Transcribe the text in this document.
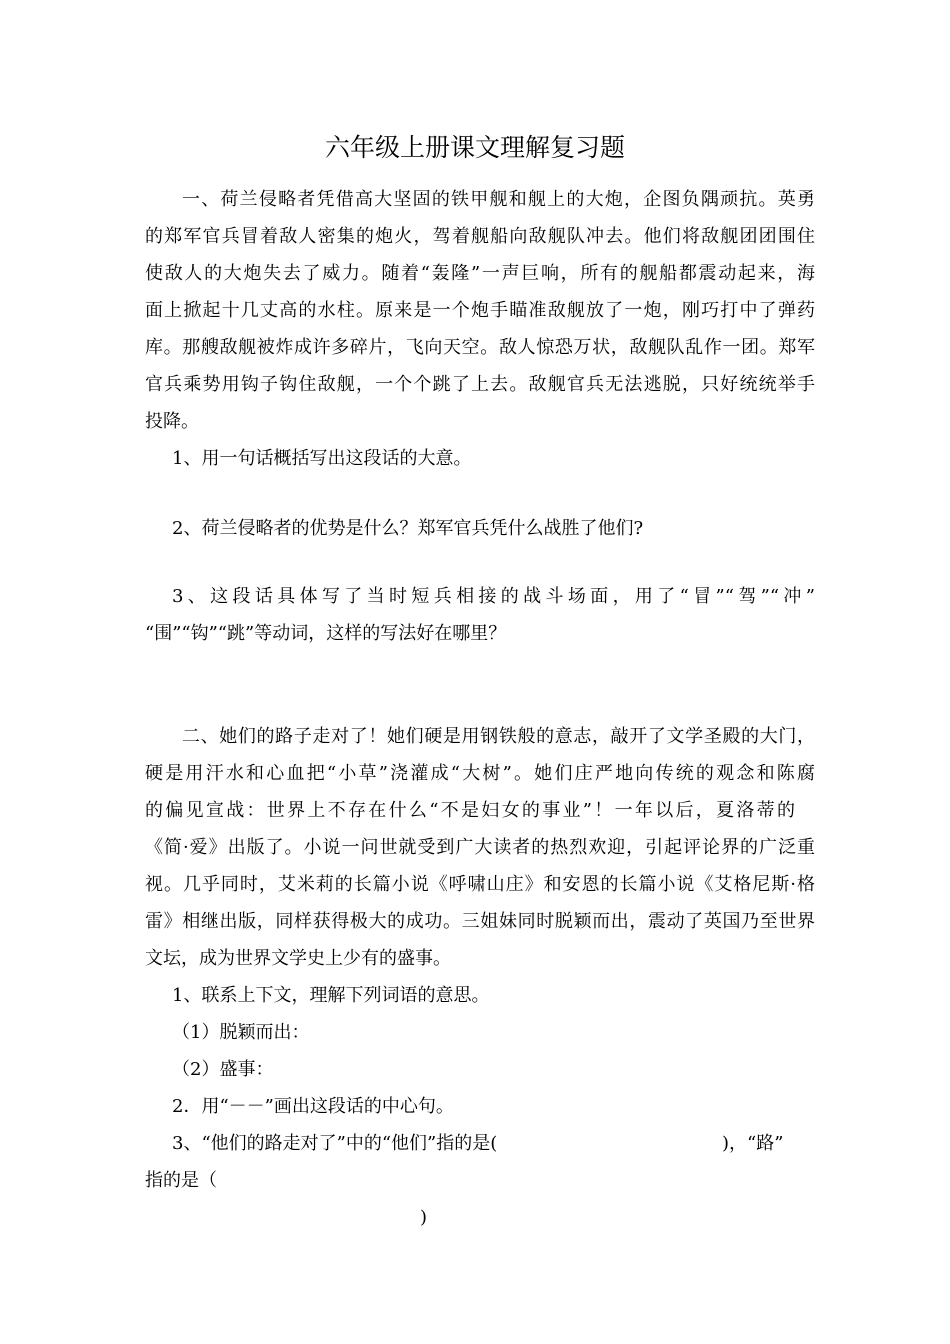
六年级上册课文理解复习题
一、荷兰侵略者凭借高大坚固的铁甲舰和舰上的大炮，企图负隅顽抗。英勇
的郑军官兵冒着敌人密集的炮火，驾着舰船向敌舰队冲去。他们将敌舰团团围住
使敌人的大炮失去了威力。随着“轰隆”一声巨响，所有的舰船都震动起来，海
面上掀起十几丈高的水柱。原来是一个炮手瞄准敌舰放了一炮，刚巧打中了弹药
库。那艘敌舰被炸成许多碎片，飞向天空。敌人惊恐万状，敌舰队乱作一团。郑军
官兵乘势用钩子钩住敌舰，一个个跳了上去。敌舰官兵无法逃脱，只好统统举手
投降。
1、用一句话概括写出这段话的大意。
2、荷兰侵略者的优势是什么？郑军官兵凭什么战胜了他们?
3、这段话具体写了当时短兵相接的战斗场面，用了“冒”“驾”“冲”
“围”“钩”“跳”等动词，这样的写法好在哪里？
二、她们的路子走对了！她们硬是用钢铁般的意志，敲开了文学圣殿的大门，
硬是用汗水和心血把“小草”浇灌成“大树”。她们庄严地向传统的观念和陈腐
的偏见宣战：世界上不存在什么“不是妇女的事业”！一年以后，夏洛蒂的
《简·爱》出版了。小说一问世就受到广大读者的热烈欢迎，引起评论界的广泛重
视。几乎同时，艾米莉的长篇小说《呼啸山庄》和安恩的长篇小说《艾格尼斯·格
雷》相继出版，同样获得极大的成功。三姐妹同时脱颖而出，震动了英国乃至世界
文坛，成为世界文学史上少有的盛事。
1、联系上下文，理解下列词语的意思。
（1）脱颖而出：
（2）盛事：
2．用“－－”画出这段话的中心句。
3、“他们的路走对了”中的“他们”指的是(	)，“路”
指的是（
)
